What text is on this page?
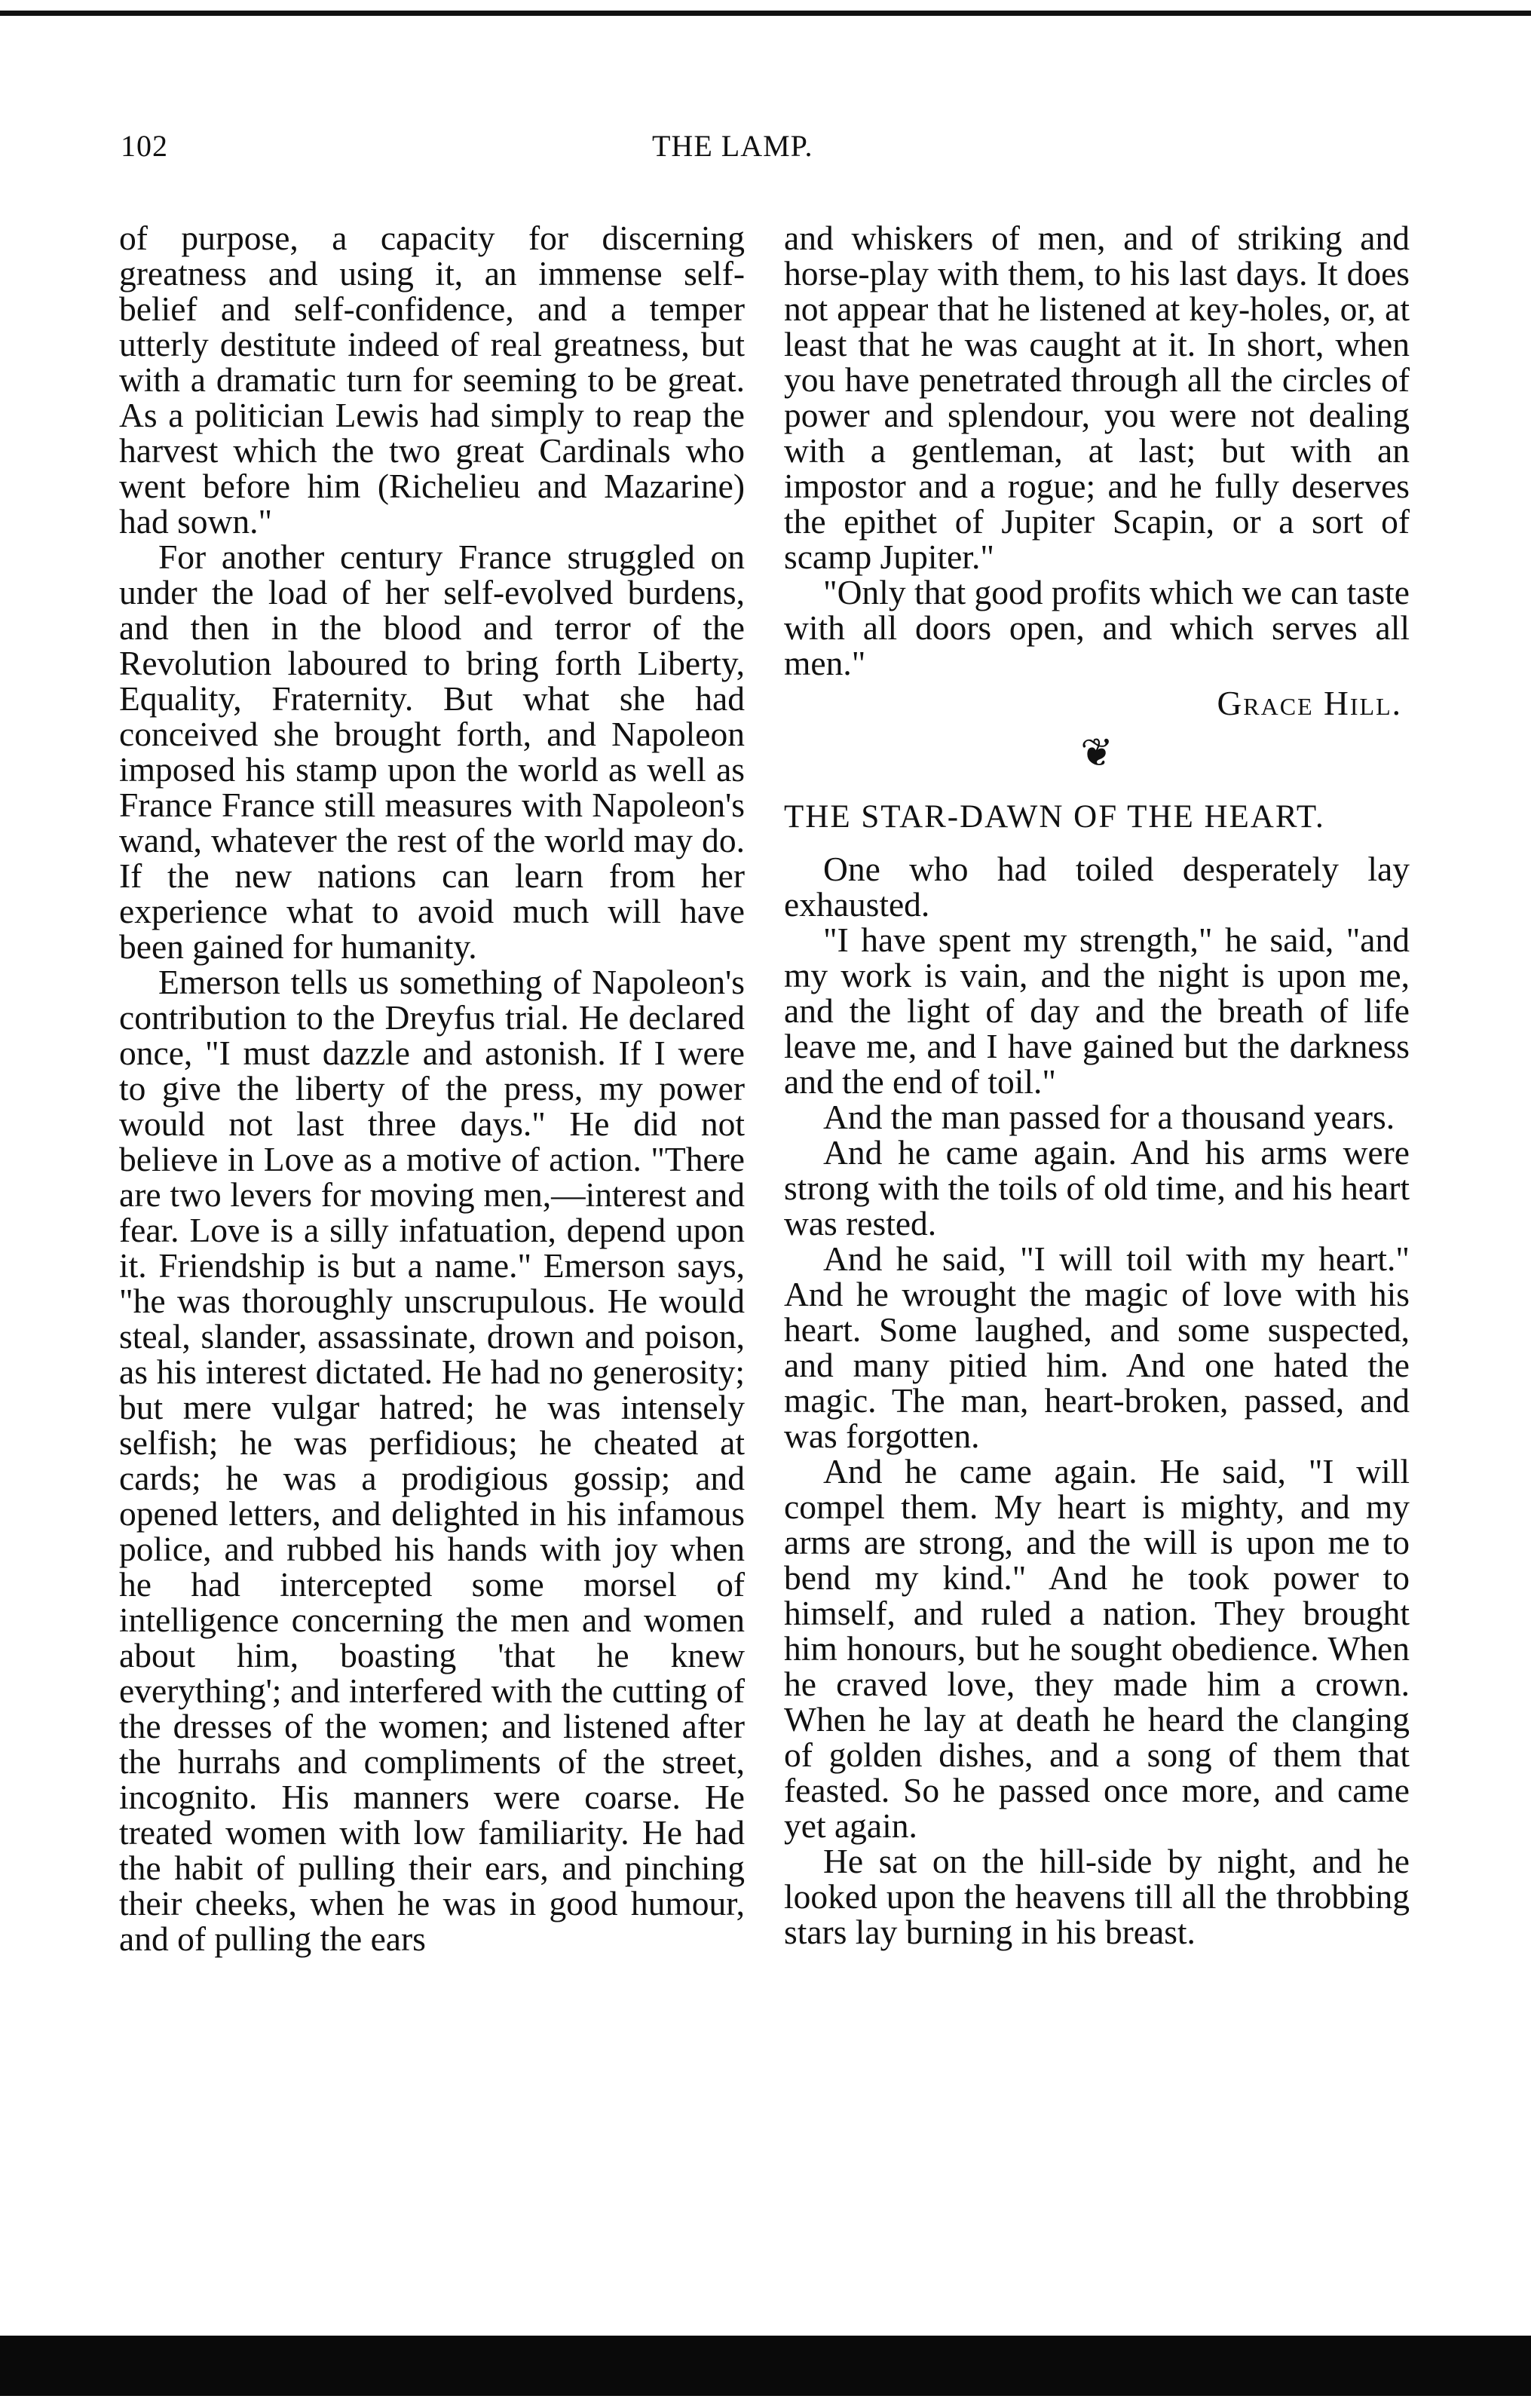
102	THE LAMP.

of purpose, a capacity for discerning greatness and using it, an immense self-belief and self-confidence, and a temper utterly destitute indeed of real greatness, but with a dramatic turn for seeming to be great. As a politician Lewis had simply to reap the harvest which the two great Cardinals who went before him (Richelieu and Mazarine) had sown."

For another century France struggled on under the load of her self-evolved burdens, and then in the blood and terror of the Revolution laboured to bring forth Liberty, Equality, Fraternity. But what she had conceived she brought forth, and Napoleon imposed his stamp upon the world as well as France France still measures with Napoleon's wand, whatever the rest of the world may do. If the new nations can learn from her experience what to avoid much will have been gained for humanity.

Emerson tells us something of Napoleon's contribution to the Dreyfus trial. He declared once, "I must dazzle and astonish. If I were to give the liberty of the press, my power would not last three days." He did not believe in Love as a motive of action. "There are two levers for moving men,—interest and fear. Love is a silly infatuation, depend upon it. Friendship is but a name." Emerson says, "he was thoroughly unscrupulous. He would steal, slander, assassinate, drown and poison, as his interest dictated. He had no generosity; but mere vulgar hatred; he was intensely selfish; he was perfidious; he cheated at cards; he was a prodigious gossip; and opened letters, and delighted in his infamous police, and rubbed his hands with joy when he had intercepted some morsel of intelligence concerning the men and women about him, boasting 'that he knew everything'; and interfered with the cutting of the dresses of the women; and listened after the hurrahs and compliments of the street, incognito. His manners were coarse. He treated women with low familiarity. He had the habit of pulling their ears, and pinching their cheeks, when he was in good humour, and of pulling the ears

and whiskers of men, and of striking and horse-play with them, to his last days. It does not appear that he listened at key-holes, or, at least that he was caught at it. In short, when you have penetrated through all the circles of power and splendour, you were not dealing with a gentleman, at last; but with an impostor and a rogue; and he fully deserves the epithet of Jupiter Scapin, or a sort of scamp Jupiter."

"Only that good profits which we can taste with all doors open, and which serves all men."

Grace Hill.
❦
THE STAR-DAWN OF THE HEART.

One who had toiled desperately lay exhausted.

"I have spent my strength," he said, "and my work is vain, and the night is upon me, and the light of day and the breath of life leave me, and I have gained but the darkness and the end of toil."

And the man passed for a thousand years.

And he came again. And his arms were strong with the toils of old time, and his heart was rested.

And he said, "I will toil with my heart." And he wrought the magic of love with his heart. Some laughed, and some suspected, and many pitied him. And one hated the magic. The man, heart-broken, passed, and was forgotten.

And he came again. He said, "I will compel them. My heart is mighty, and my arms are strong, and the will is upon me to bend my kind." And he took power to himself, and ruled a nation. They brought him honours, but he sought obedience. When he craved love, they made him a crown. When he lay at death he heard the clanging of golden dishes, and a song of them that feasted. So he passed once more, and came yet again.

He sat on the hill-side by night, and he looked upon the heavens till all the throbbing stars lay burning in his breast.
